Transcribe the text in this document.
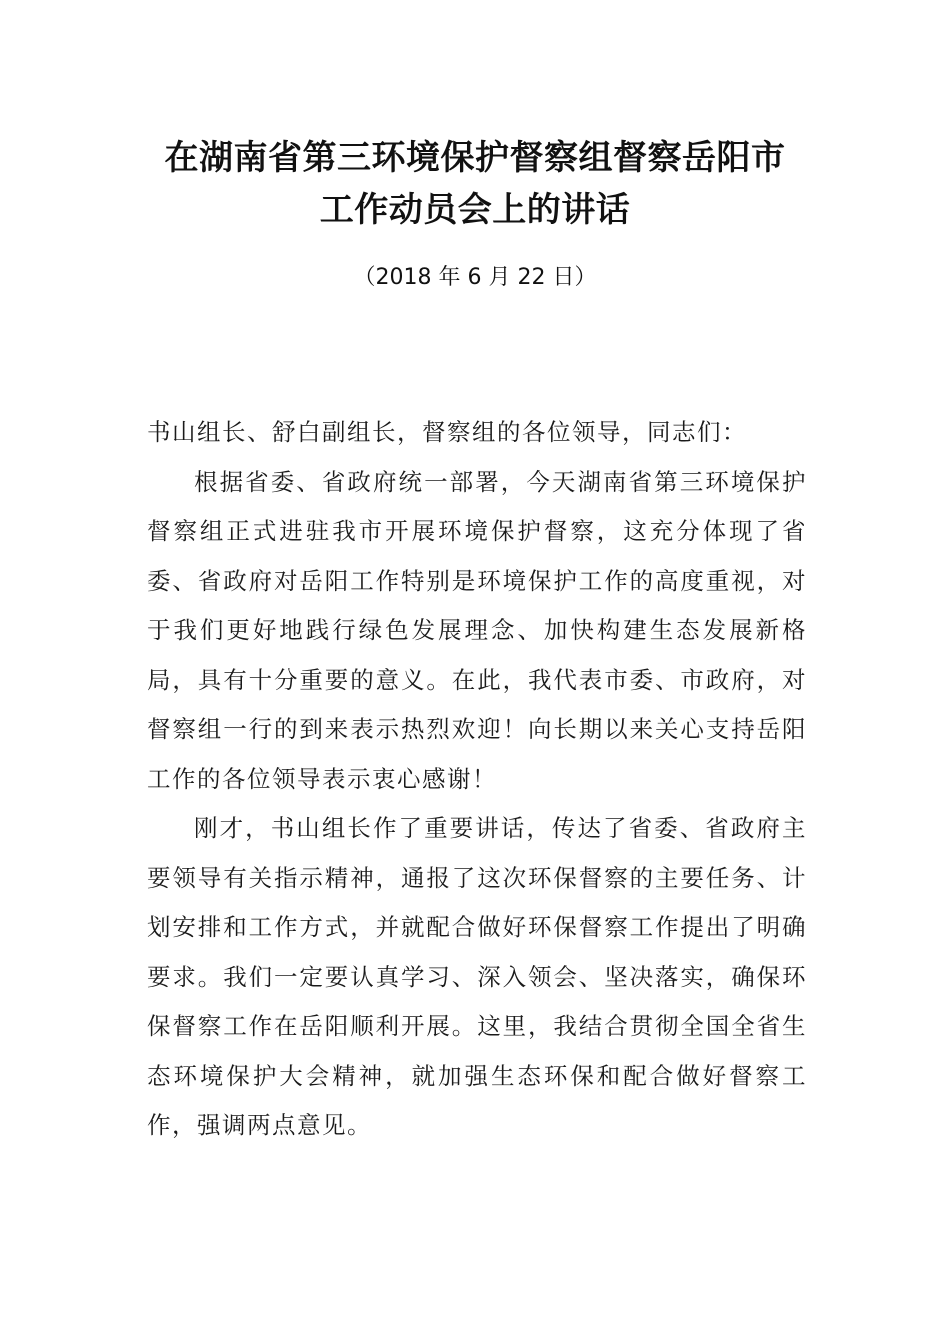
在湖南省第三环境保护督察组督察岳阳市
工作动员会上的讲话

（2018 年 6 月 22 日）

书山组长、舒白副组长，督察组的各位领导，同志们：

根据省委、省政府统一部署，今天湖南省第三环境保护督察组正式进驻我市开展环境保护督察，这充分体现了省委、省政府对岳阳工作特别是环境保护工作的高度重视，对于我们更好地践行绿色发展理念、加快构建生态发展新格局，具有十分重要的意义。在此，我代表市委、市政府，对督察组一行的到来表示热烈欢迎！向长期以来关心支持岳阳工作的各位领导表示衷心感谢！

刚才，书山组长作了重要讲话，传达了省委、省政府主要领导有关指示精神，通报了这次环保督察的主要任务、计划安排和工作方式，并就配合做好环保督察工作提出了明确要求。我们一定要认真学习、深入领会、坚决落实，确保环保督察工作在岳阳顺利开展。这里，我结合贯彻全国全省生态环境保护大会精神，就加强生态环保和配合做好督察工作，强调两点意见。
